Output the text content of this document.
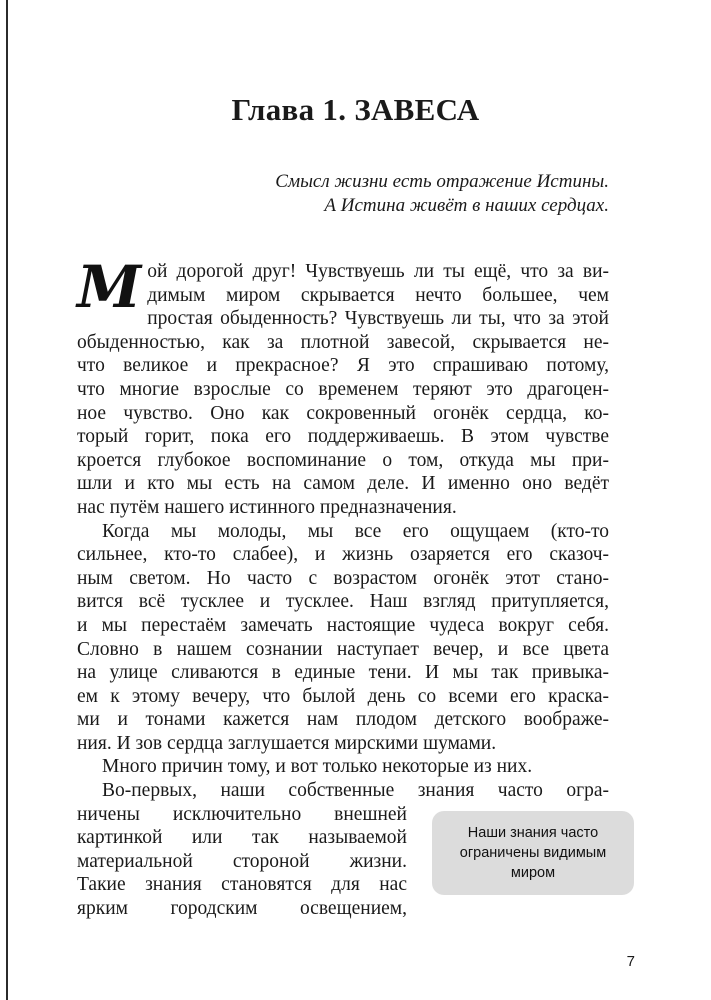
Глава 1. ЗАВЕСА
Смысл жизни есть отражение Истины.
А Истина живёт в наших сердцах.
М ой дорогой друг! Чувствуешь ли ты ещё, что за ви-
димым миром скрывается нечто большее, чем
простая обыденность? Чувствуешь ли ты, что за этой
обыденностью, как за плотной завесой, скрывается не-
что великое и прекрасное? Я это спрашиваю потому,
что многие взрослые со временем теряют это драгоцен-
ное чувство. Оно как сокровенный огонёк сердца, ко-
торый горит, пока его поддерживаешь. В этом чувстве
кроется глубокое воспоминание о том, откуда мы при-
шли и кто мы есть на самом деле. И именно оно ведёт
нас путём нашего истинного предназначения.
Когда мы молоды, мы все его ощущаем (кто-то
сильнее, кто-то слабее), и жизнь озаряется его сказоч-
ным светом. Но часто с возрастом огонёк этот стано-
вится всё тусклее и тусклее. Наш взгляд притупляется,
и мы перестаём замечать настоящие чудеса вокруг себя.
Словно в нашем сознании наступает вечер, и все цвета
на улице сливаются в единые тени. И мы так привыка-
ем к этому вечеру, что былой день со всеми его краска-
ми и тонами кажется нам плодом детского воображе-
ния. И зов сердца заглушается мирскими шумами.
Много причин тому, и вот только некоторые из них.
Во-первых, наши собственные знания часто огра-
ничены исключительно внешней
картинкой или так называемой
материальной стороной жизни.
Такие знания становятся для нас
ярким городским освещением,
Наши знания часто
ограничены видимым
миром
7
